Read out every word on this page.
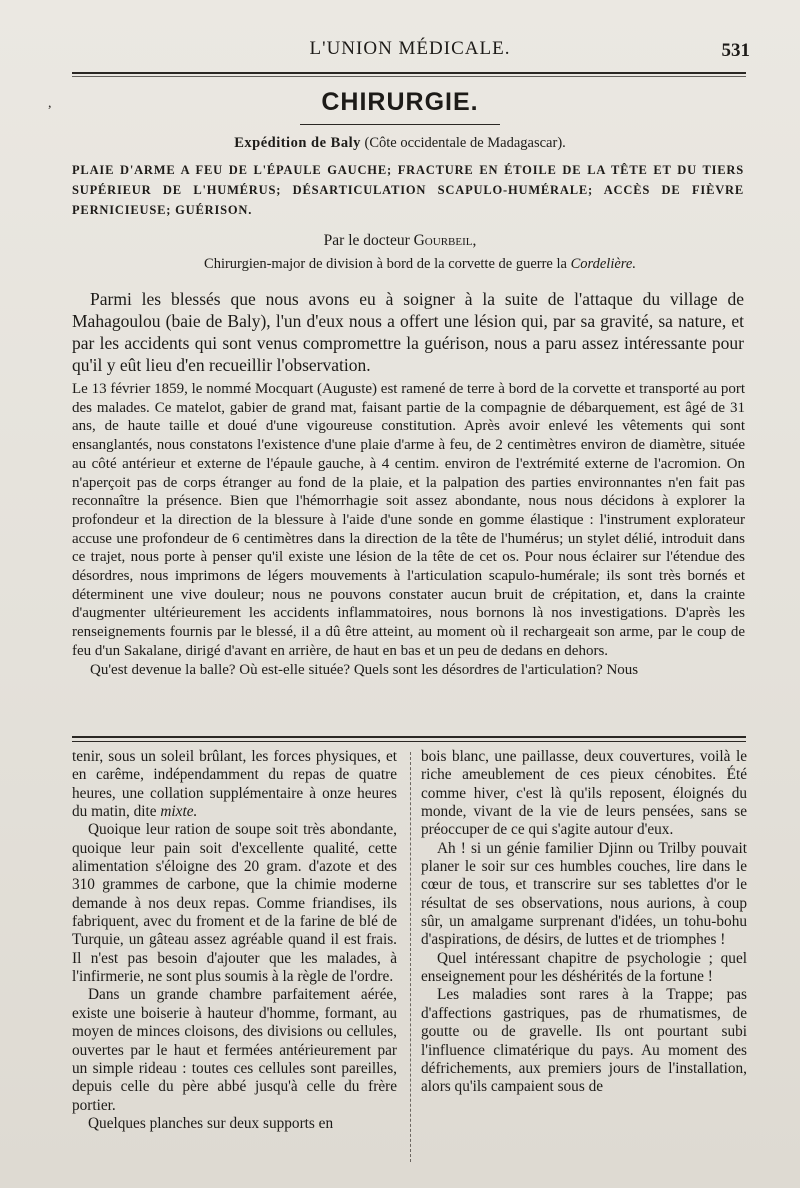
L'UNION MÉDICALE.	531
,	CHIRURGIE.
Expédition de Baly (Côte occidentale de Madagascar).
PLAIE D'ARME A FEU DE L'ÉPAULE GAUCHE; FRACTURE EN ÉTOILE DE LA TÊTE ET DU TIERS SUPÉRIEUR DE L'HUMÉRUS; DÉSARTICULATION SCAPULO-HUMÉRALE; ACCÈS DE FIÈVRE PERNICIEUSE; GUÉRISON.
Par le docteur Gourbeil,
Chirurgien-major de division à bord de la corvette de guerre la Cordelière.

Parmi les blessés que nous avons eu à soigner à la suite de l'attaque du village de Mahagoulou (baie de Baly), l'un d'eux nous a offert une lésion qui, par sa gravité, sa nature, et par les accidents qui sont venus compromettre la guérison, nous a paru assez intéressante pour qu'il y eût lieu d'en recueillir l'observation.

Le 13 février 1859, le nommé Mocquart (Auguste) est ramené de terre à bord de la corvette et transporté au port des malades. Ce matelot, gabier de grand mat, faisant partie de la compagnie de débarquement, est âgé de 31 ans, de haute taille et doué d'une vigoureuse constitution. Après avoir enlevé les vêtements qui sont ensanglantés, nous constatons l'existence d'une plaie d'arme à feu, de 2 centimètres environ de diamètre, située au côté antérieur et externe de l'épaule gauche, à 4 centim. environ de l'extrémité externe de l'acromion. On n'aperçoit pas de corps étranger au fond de la plaie, et la palpation des parties environnantes n'en fait pas reconnaître la présence. Bien que l'hémorrhagie soit assez abondante, nous nous décidons à explorer la profondeur et la direction de la blessure à l'aide d'une sonde en gomme élastique : l'instrument explorateur accuse une profondeur de 6 centimètres dans la direction de la tête de l'humérus; un stylet délié, introduit dans ce trajet, nous porte à penser qu'il existe une lésion de la tête de cet os. Pour nous éclairer sur l'étendue des désordres, nous imprimons de légers mouvements à l'articulation scapulo-humérale; ils sont très bornés et déterminent une vive douleur; nous ne pouvons constater aucun bruit de crépitation, et, dans la crainte d'augmenter ultérieurement les accidents inflammatoires, nous bornons là nos investigations. D'après les renseignements fournis par le blessé, il a dû être atteint, au moment où il rechargeait son arme, par le coup de feu d'un Sakalane, dirigé d'avant en arrière, de haut en bas et un peu de dedans en dehors.

Qu'est devenue la balle? Où est-elle située? Quels sont les désordres de l'articulation? Nous

tenir, sous un soleil brûlant, les forces physiques, et en carême, indépendamment du repas de quatre heures, une collation supplémentaire à onze heures du matin, dite mixte.

Quoique leur ration de soupe soit très abondante, quoique leur pain soit d'excellente qualité, cette alimentation s'éloigne des 20 gram. d'azote et des 310 grammes de carbone, que la chimie moderne demande à nos deux repas. Comme friandises, ils fabriquent, avec du froment et de la farine de blé de Turquie, un gâteau assez agréable quand il est frais. Il n'est pas besoin d'ajouter que les malades, à l'infirmerie, ne sont plus soumis à la règle de l'ordre.

Dans un grande chambre parfaitement aérée, existe une boiserie à hauteur d'homme, formant, au moyen de minces cloisons, des divisions ou cellules, ouvertes par le haut et fermées antérieurement par un simple rideau : toutes ces cellules sont pareilles, depuis celle du père abbé jusqu'à celle du frère portier.

Quelques planches sur deux supports en

bois blanc, une paillasse, deux couvertures, voilà le riche ameublement de ces pieux cénobites. Été comme hiver, c'est là qu'ils reposent, éloignés du monde, vivant de la vie de leurs pensées, sans se préoccuper de ce qui s'agite autour d'eux.

Ah ! si un génie familier Djinn ou Trilby pouvait planer le soir sur ces humbles couches, lire dans le cœur de tous, et transcrire sur ses tablettes d'or le résultat de ses observations, nous aurions, à coup sûr, un amalgame surprenant d'idées, un tohu-bohu d'aspirations, de désirs, de luttes et de triomphes !

Quel intéressant chapitre de psychologie ; quel enseignement pour les déshérités de la fortune !

Les maladies sont rares à la Trappe; pas d'affections gastriques, pas de rhumatismes, de goutte ou de gravelle. Ils ont pourtant subi l'influence climatérique du pays. Au moment des défrichements, aux premiers jours de l'installation, alors qu'ils campaient sous de
